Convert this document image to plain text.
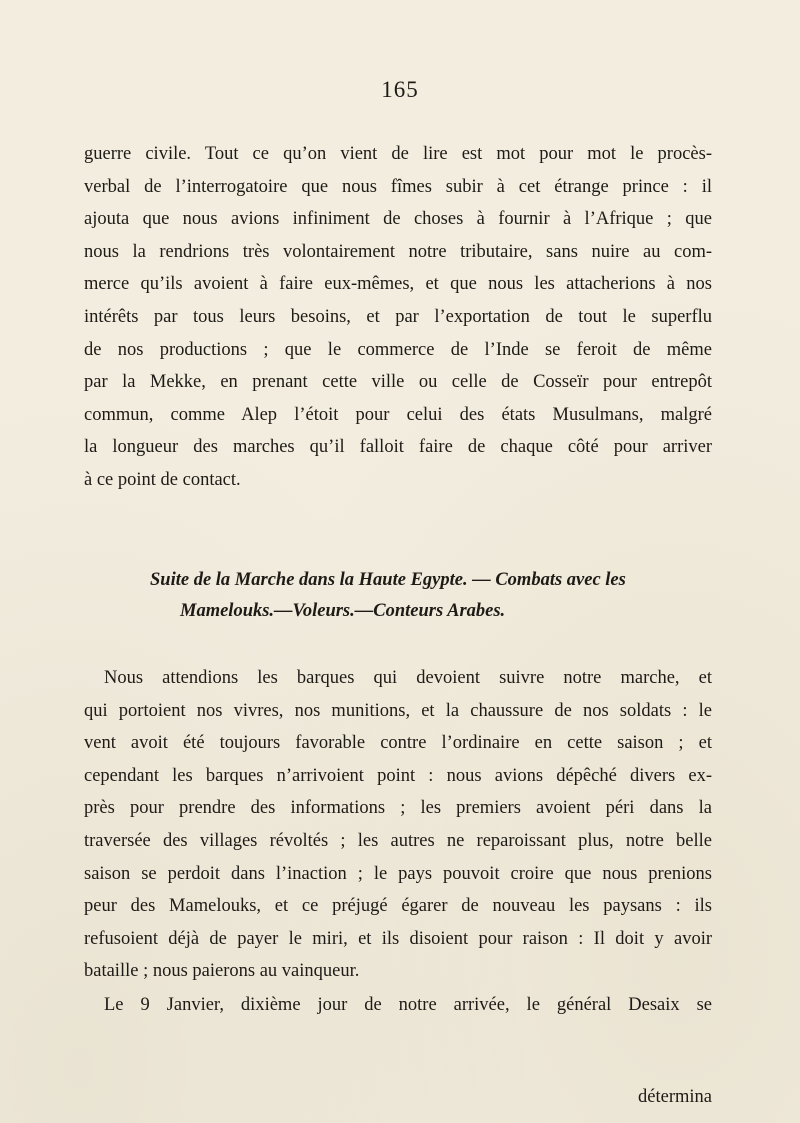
165
guerre civile. Tout ce qu’on vient de lire est mot pour mot le procès-
verbal de l’interrogatoire que nous fîmes subir à cet étrange prince : il
ajouta que nous avions infiniment de choses à fournir à l’Afrique ; que
nous la rendrions très volontairement notre tributaire, sans nuire au com-
merce qu’ils avoient à faire eux-mêmes, et que nous les attacherions à nos
intérêts par tous leurs besoins, et par l’exportation de tout le superflu
de nos productions ; que le commerce de l’Inde se feroit de même
par la Mekke, en prenant cette ville ou celle de Cosseïr pour entrepôt
commun, comme Alep l’étoit pour celui des états Musulmans, malgré
la longueur des marches qu’il falloit faire de chaque côté pour arriver
à ce point de contact.
Suite de la Marche dans la Haute Egypte. — Combats avec les
Mamelouks.—Voleurs.—Conteurs Arabes.
Nous attendions les barques qui devoient suivre notre marche, et
qui portoient nos vivres, nos munitions, et la chaussure de nos soldats : le
vent avoit été toujours favorable contre l’ordinaire en cette saison ; et
cependant les barques n’arrivoient point : nous avions dépêché divers ex-
près pour prendre des informations ; les premiers avoient péri dans la
traversée des villages révoltés ; les autres ne reparoissant plus, notre belle
saison se perdoit dans l’inaction ; le pays pouvoit croire que nous prenions
peur des Mamelouks, et ce préjugé égarer de nouveau les paysans : ils
refusoient déjà de payer le miri, et ils disoient pour raison : Il doit y avoir
bataille ; nous paierons au vainqueur.
Le 9 Janvier, dixième jour de notre arrivée, le général Desaix se
détermina
